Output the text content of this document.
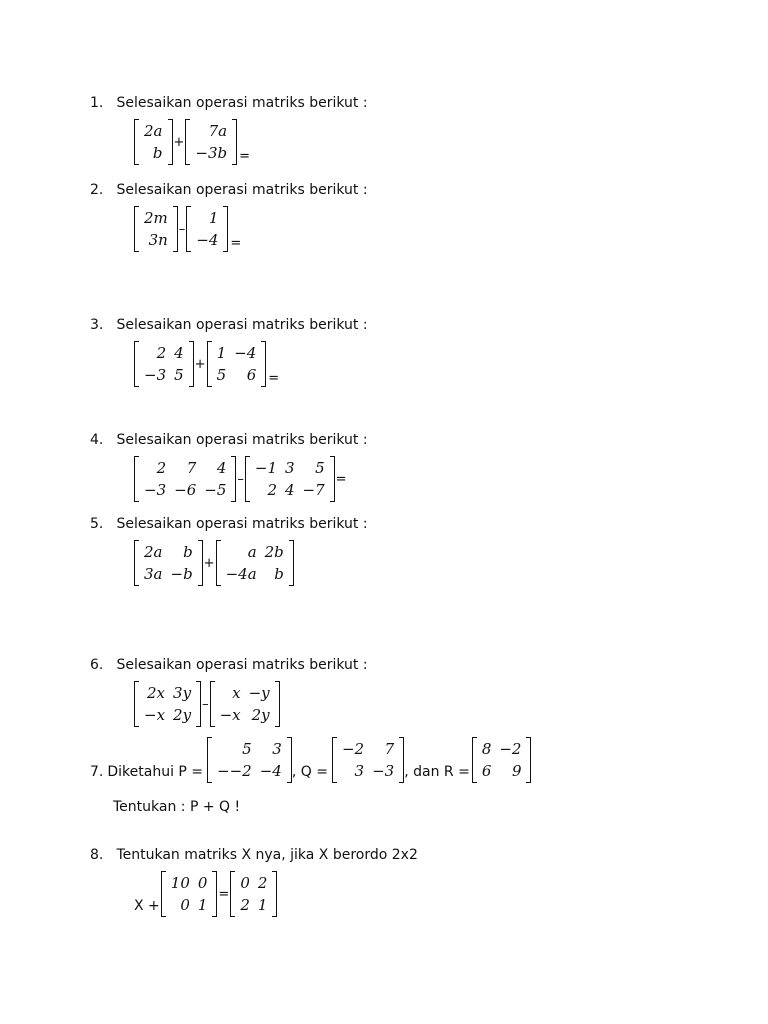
1. Selesaikan operasi matriks berikut :
2a
b
+
7a
−3b =
2. Selesaikan operasi matriks berikut :
2m
3n
–
1
−4 =
3. Selesaikan operasi matriks berikut :
2	4
−3	5
+
1	−4
5	6 =
4. Selesaikan operasi matriks berikut :
2	7	4
−3	−6	−5
–
−1	3	5
2	4	−7
=
5. Selesaikan operasi matriks berikut :
2a	b
3a	−b
+
a	2b
−4a	b
6. Selesaikan operasi matriks berikut :
2x	3y
−x	2y
–
x	−y
−x	2y
7. Diketahui P =
5	3
−−2	−4 , Q =
−2	7
3	−3 , dan R =
8	−2
6	9
Tentukan : P + Q !
8. Tentukan matriks X nya, jika X berordo 2x2
X +
10	0
0	1
=
0	2
2	1
